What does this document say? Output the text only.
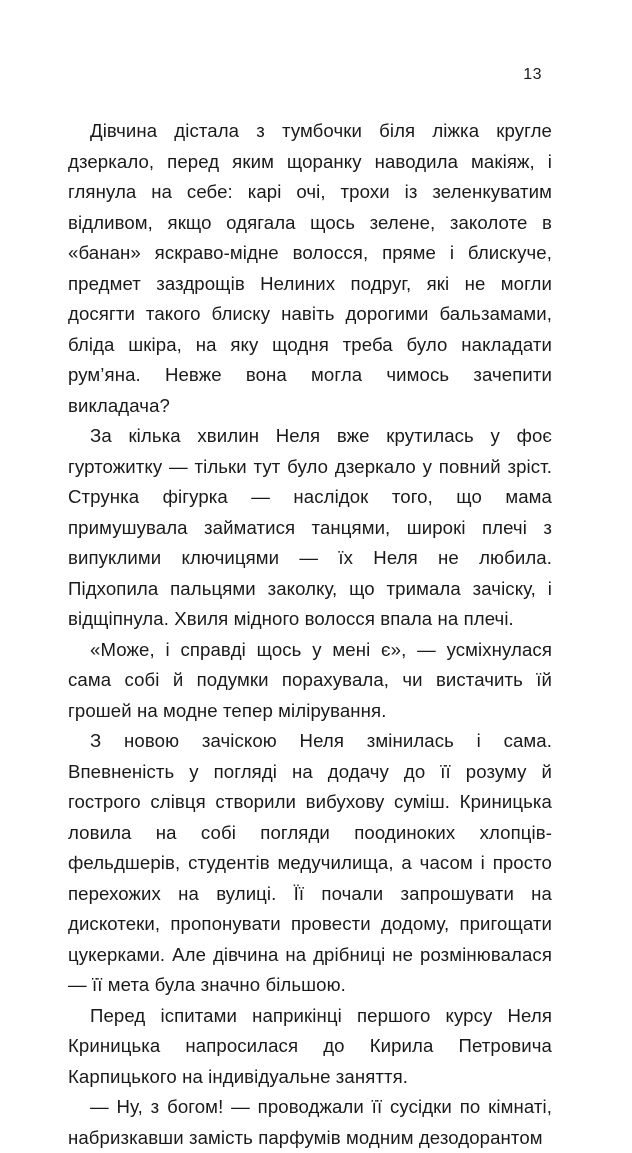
13

Дівчина дістала з тумбочки біля ліжка кругле дзеркало, перед яким щоранку наводила макіяж, і глянула на себе: карі очі, трохи із зеленкуватим відливом, якщо одягала щось зелене, заколоте в «банан» яскраво-мідне волосся, пряме і блискуче, предмет заздрощів Нелиних подруг, які не могли досягти такого блиску навіть дорогими бальзамами, бліда шкіра, на яку щодня треба було накладати рум’яна. Невже вона могла чимось зачепити викладача?

За кілька хвилин Неля вже крутилась у фоє гуртожитку — тільки тут було дзеркало у повний зріст. Струнка фігурка — наслідок того, що мама примушувала займатися танцями, широкі плечі з випуклими ключицями — їх Неля не любила. Підхопила пальцями заколку, що тримала зачіску, і відщіпнула. Хвиля мідного волосся впала на плечі.

«Може, і справді щось у мені є», — усміхнулася сама собі й подумки порахувала, чи вистачить їй грошей на модне тепер мілірування.

З новою зачіскою Неля змінилась і сама. Впевненість у погляді на додачу до її розуму й гострого слівця створили вибухову суміш. Криницька ловила на собі погляди поодиноких хлопців-фельдшерів, студентів медучилища, а часом і просто перехожих на вулиці. Її почали запрошувати на дискотеки, пропонувати провести додому, пригощати цукерками. Але дівчина на дрібниці не розмінювалася — її мета була значно більшою.

Перед іспитами наприкінці першого курсу Неля Криницька напросилася до Кирила Петровича Карпицького на індивідуальне заняття.

— Ну, з богом! — проводжали її сусідки по кімнаті, набризкавши замість парфумів модним дезодорантом
